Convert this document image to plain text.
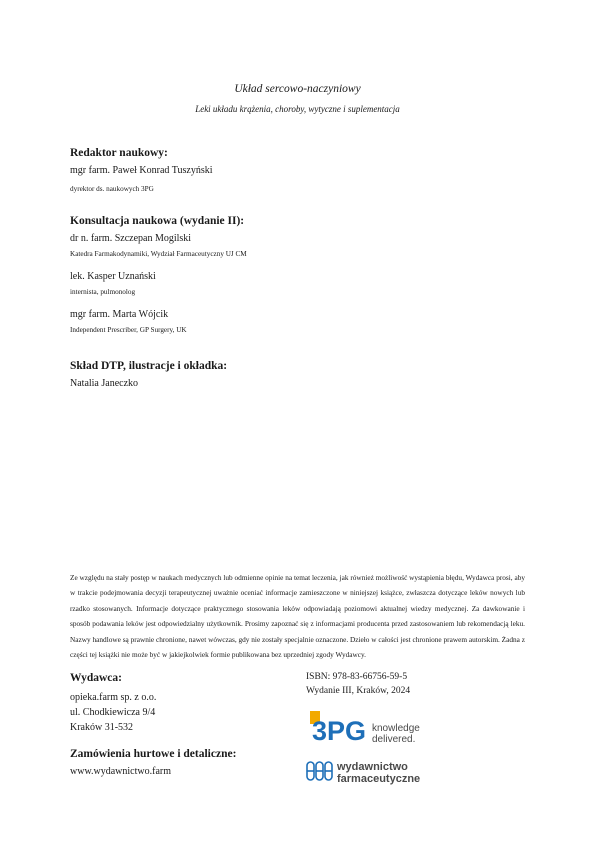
Układ sercowo-naczyniowy
Leki układu krążenia, choroby, wytyczne i suplementacja
Redaktor naukowy:
mgr farm. Paweł Konrad Tuszyński
dyrektor ds. naukowych 3PG
Konsultacja naukowa (wydanie II):
dr n. farm. Szczepan Mogilski
Katedra Farmakodynamiki, Wydział Farmaceutyczny UJ CM
lek. Kasper Uznański
internista, pulmonolog
mgr farm. Marta Wójcik
Independent Prescriber, GP Surgery, UK
Skład DTP, ilustracje i okładka:
Natalia Janeczko
Ze względu na stały postęp w naukach medycznych lub odmienne opinie na temat leczenia, jak również możliwość wystąpienia błędu, Wydawca prosi, aby w trakcie podejmowania decyzji terapeutycznej uważnie oceniać informacje zamieszczone w niniejszej książce, zwłaszcza dotyczące leków nowych lub rzadko stosowanych. Informacje dotyczące praktycznego stosowania leków odpowiadają poziomowi aktualnej wiedzy medycznej. Za dawkowanie i sposób podawania leków jest odpowiedzialny użytkownik. Prosimy zapoznać się z informacjami producenta przed zastosowaniem lub rekomendacją leku. Nazwy handlowe są prawnie chronione, nawet wówczas, gdy nie zostały specjalnie oznaczone. Dzieło w całości jest chronione prawem autorskim. Żadna z części tej książki nie może być w jakiejkolwiek formie publikowana bez uprzedniej zgody Wydawcy.
Wydawca:
opieka.farm sp. z o.o.
ul. Chodkiewicza 9/4
Kraków 31-532
Zamówienia hurtowe i detaliczne:
www.wydawnictwo.farm
ISBN: 978-83-66756-59-5
Wydanie III, Kraków, 2024
3PG knowledge
delivered.
wydawnictwo
farmaceutyczne
